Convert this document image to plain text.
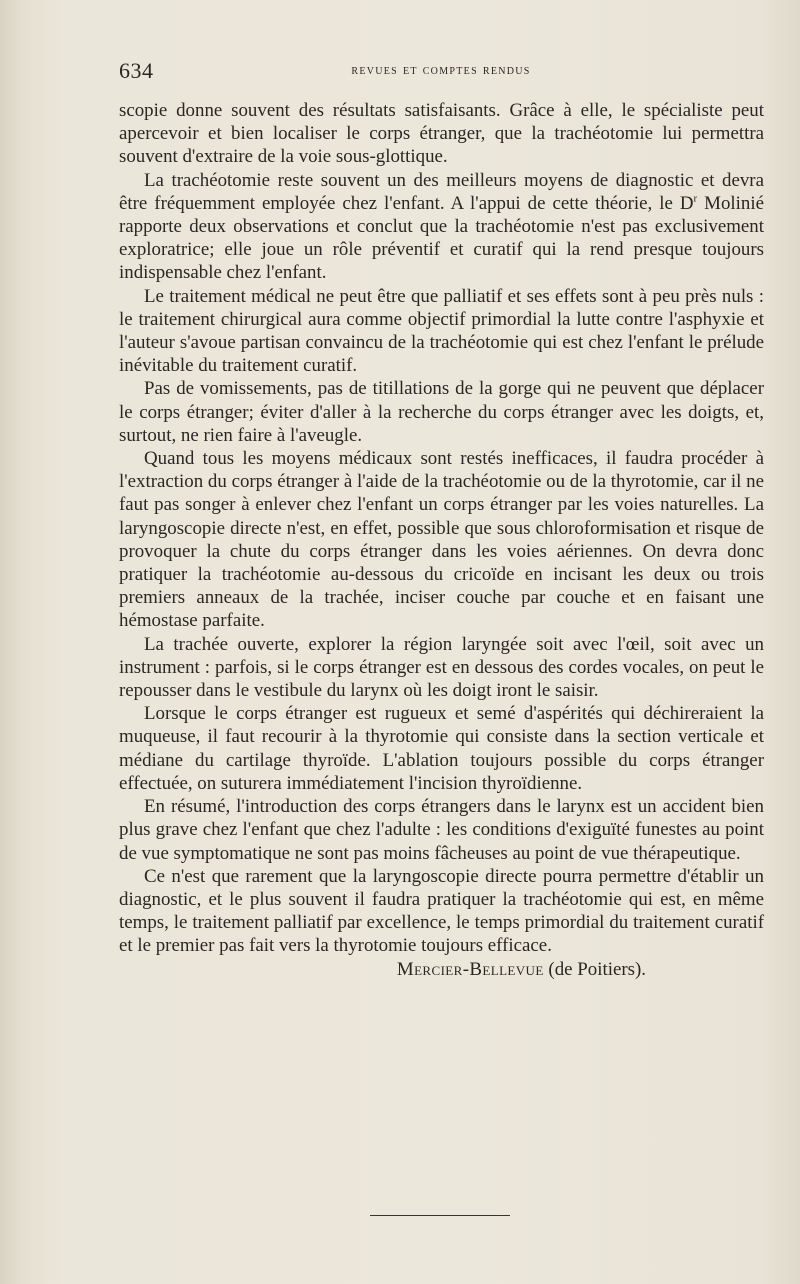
634	revues et comptes rendus

scopie donne souvent des résultats satisfaisants. Grâce à elle, le spécialiste peut apercevoir et bien localiser le corps étranger, que la trachéotomie lui permettra souvent d'extraire de la voie sous-glottique.

La trachéotomie reste souvent un des meilleurs moyens de diagnostic et devra être fréquemment employée chez l'enfant. A l'appui de cette théorie, le $D^r$ Molinié rapporte deux observations et conclut que la trachéotomie n'est pas exclusivement exploratrice; elle joue un rôle préventif et curatif qui la rend presque toujours indispensable chez l'enfant.

Le traitement médical ne peut être que palliatif et ses effets sont à peu près nuls : le traitement chirurgical aura comme objectif primordial la lutte contre l'asphyxie et l'auteur s'avoue partisan convaincu de la trachéotomie qui est chez l'enfant le prélude inévitable du traitement curatif.

Pas de vomissements, pas de titillations de la gorge qui ne peuvent que déplacer le corps étranger; éviter d'aller à la recherche du corps étranger avec les doigts, et, surtout, ne rien faire à l'aveugle.

Quand tous les moyens médicaux sont restés inefficaces, il faudra procéder à l'extraction du corps étranger à l'aide de la trachéotomie ou de la thyrotomie, car il ne faut pas songer à enlever chez l'enfant un corps étranger par les voies naturelles. La laryngoscopie directe n'est, en effet, possible que sous chloroformisation et risque de provoquer la chute du corps étranger dans les voies aériennes. On devra donc pratiquer la trachéotomie au-dessous du cricoïde en incisant les deux ou trois premiers anneaux de la trachée, inciser couche par couche et en faisant une hémostase parfaite.

La trachée ouverte, explorer la région laryngée soit avec l'œil, soit avec un instrument : parfois, si le corps étranger est en dessous des cordes vocales, on peut le repousser dans le vestibule du larynx où les doigt iront le saisir.

Lorsque le corps étranger est rugueux et semé d'aspérités qui déchireraient la muqueuse, il faut recourir à la thyrotomie qui consiste dans la section verticale et médiane du cartilage thyroïde. L'ablation toujours possible du corps étranger effectuée, on suturera immédiatement l'incision thyroïdienne.

En résumé, l'introduction des corps étrangers dans le larynx est un accident bien plus grave chez l'enfant que chez l'adulte : les conditions d'exiguïté funestes au point de vue symptomatique ne sont pas moins fâcheuses au point de vue thérapeutique.

Ce n'est que rarement que la laryngoscopie directe pourra permettre d'établir un diagnostic, et le plus souvent il faudra pratiquer la trachéotomie qui est, en même temps, le traitement palliatif par excellence, le temps primordial du traitement curatif et le premier pas fait vers la thyrotomie toujours efficace.

Mercier-Bellevue (de Poitiers).
